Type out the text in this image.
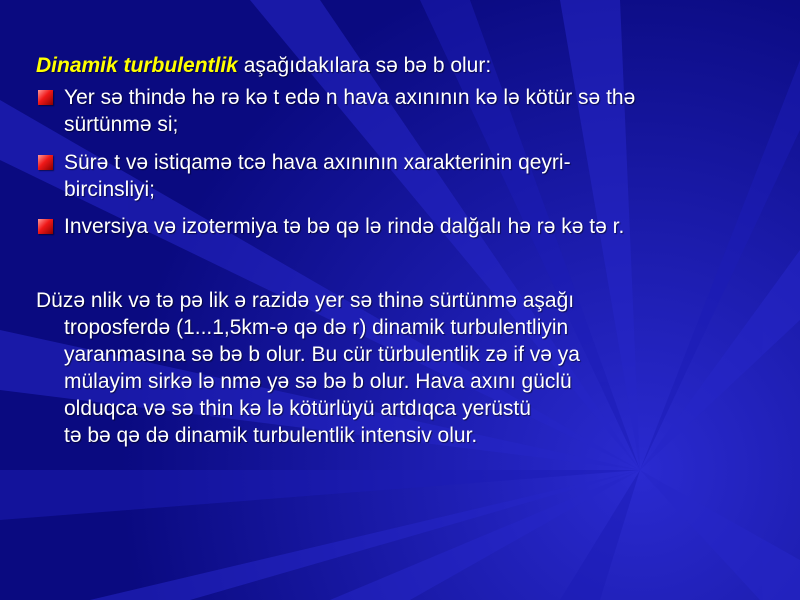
Dinamik turbulentlik aşağıdakılara sə bə b olur:
Yer sə thində hə rə kə t edə n hava axınının kə lə kötür sə thə
sürtünmə si;
Sürə t və istiqamə tcə hava axınının xarakterinin qeyri-
bircinsliyi;
Inversiya və izotermiya tə bə qə lə rində dalğalı hə rə kə tə r.
Düzə nlik və tə pə lik ə razidə yer sə thinə sürtünmə aşağı
troposferdə (1...1,5km-ə qə də r) dinamik turbulentliyin
yaranmasına sə bə b olur. Bu cür türbulentlik zə if və ya
mülayim sirkə lə nmə yə sə bə b olur. Hava axını güclü
olduqca və sə thin kə lə kötürlüyü artdıqca yerüstü
tə bə qə də dinamik turbulentlik intensiv olur.
